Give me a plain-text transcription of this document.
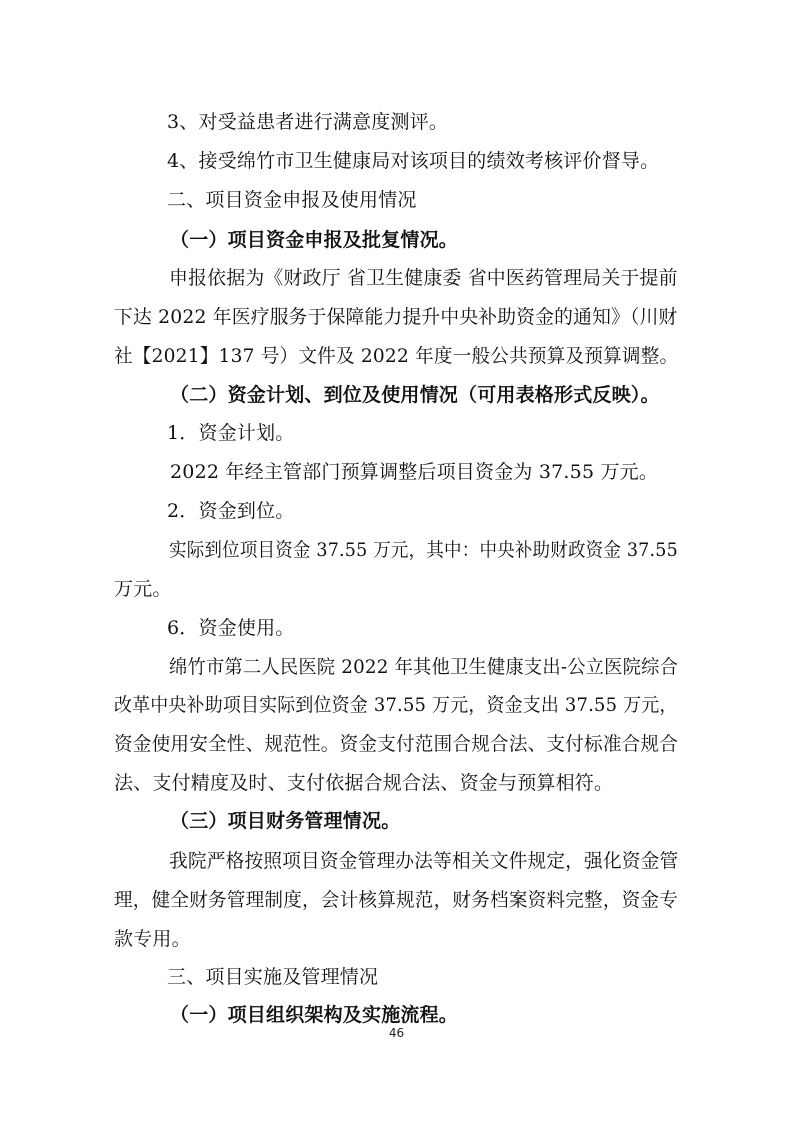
3、对受益患者进行满意度测评。
4、接受绵竹市卫生健康局对该项目的绩效考核评价督导。
二、项目资金申报及使用情况
（一）项目资金申报及批复情况。
申报依据为《财政厅 省卫生健康委 省中医药管理局关于提前
下达 2022 年医疗服务于保障能力提升中央补助资金的通知》（川财
社【2021】137 号）文件及 2022 年度一般公共预算及预算调整。
（二）资金计划、到位及使用情况（可用表格形式反映）。
1．资金计划。
2022 年经主管部门预算调整后项目资金为 37.55 万元。
2．资金到位。
实际到位项目资金 37.55 万元，其中：中央补助财政资金 37.55
万元。
6．资金使用。
绵竹市第二人民医院 2022 年其他卫生健康支出-公立医院综合
改革中央补助项目实际到位资金 37.55 万元，资金支出 37.55 万元，
资金使用安全性、规范性。资金支付范围合规合法、支付标准合规合
法、支付精度及时、支付依据合规合法、资金与预算相符。
（三）项目财务管理情况。
我院严格按照项目资金管理办法等相关文件规定，强化资金管
理，健全财务管理制度，会计核算规范，财务档案资料完整，资金专
款专用。
三、项目实施及管理情况
（一）项目组织架构及实施流程。
46
